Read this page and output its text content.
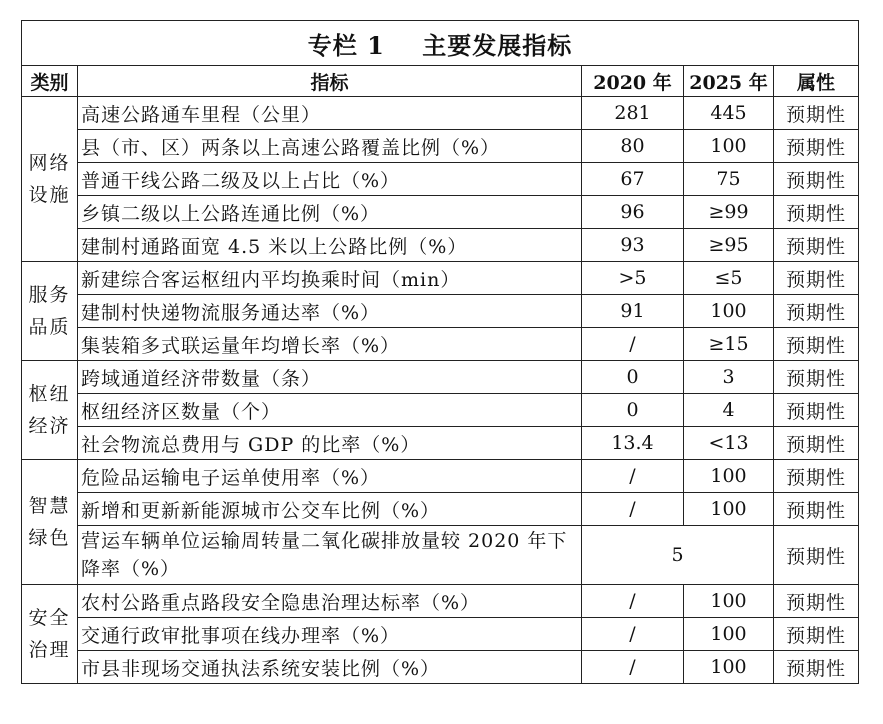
专栏 1    主要发展指标				
类别	指标	2020 年	2025 年	属性
网络设施	高速公路通车里程（公里）	281	445	预期性
	县（市、区）两条以上高速公路覆盖比例（%）	80	100	预期性
	普通干线公路二级及以上占比（%）	67	75	预期性
	乡镇二级以上公路连通比例（%）	96	≥99	预期性
	建制村通路面宽 4.5 米以上公路比例（%）	93	≥95	预期性
服务品质	新建综合客运枢纽内平均换乘时间（min）	>5	≤5	预期性
	建制村快递物流服务通达率（%）	91	100	预期性
	集装箱多式联运量年均增长率（%）	/	≥15	预期性
枢纽经济	跨域通道经济带数量（条）	0	3	预期性
	枢纽经济区数量（个）	0	4	预期性
	社会物流总费用与 GDP 的比率（%）	13.4	<13	预期性
智慧绿色	危险品运输电子运单使用率（%）	/	100	预期性
	新增和更新新能源城市公交车比例（%）	/	100	预期性
	营运车辆单位运输周转量二氧化碳排放量较 2020 年下降率（%）	5		预期性
安全治理	农村公路重点路段安全隐患治理达标率（%）	/	100	预期性
	交通行政审批事项在线办理率（%）	/	100	预期性
	市县非现场交通执法系统安装比例（%）	/	100	预期性
